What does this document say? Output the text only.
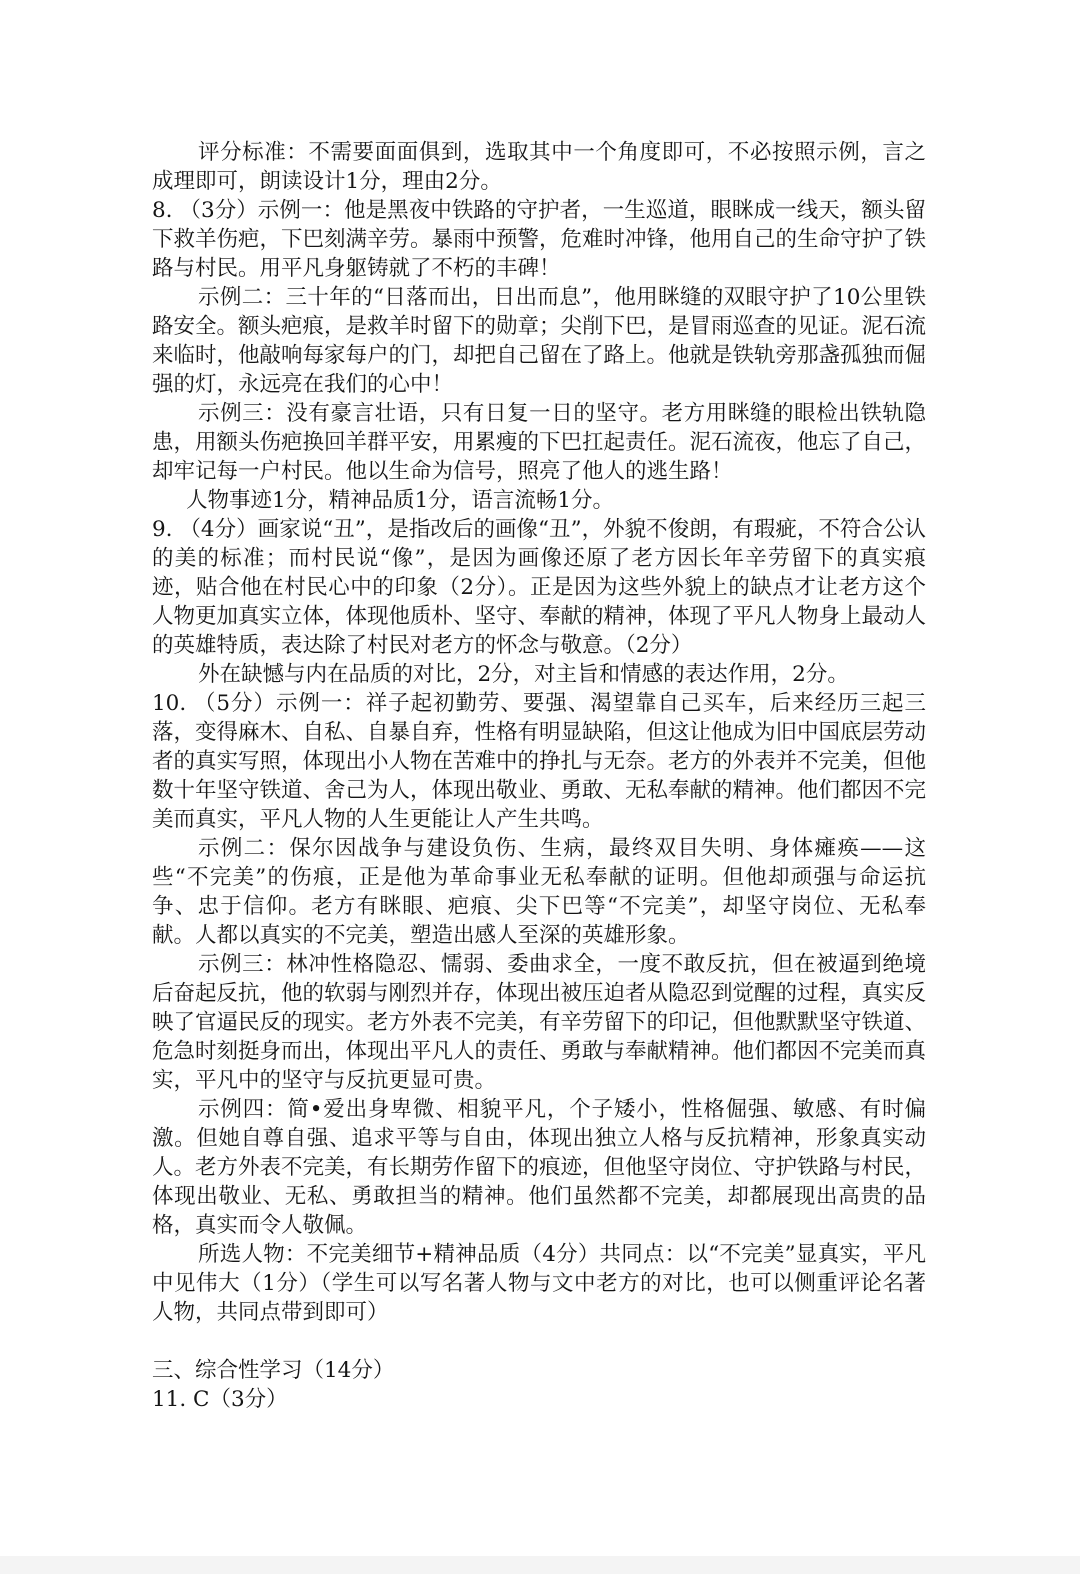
评分标准：不需要面面俱到，选取其中一个角度即可，不必按照示例，言之成理即可，朗读设计1分，理由2分。

8. （3分）示例一：他是黑夜中铁路的守护者，一生巡道，眼眯成一线天，额头留下救羊伤疤，下巴刻满辛劳。暴雨中预警，危难时冲锋，他用自己的生命守护了铁路与村民。用平凡身躯铸就了不朽的丰碑！

示例二：三十年的“日落而出，日出而息”，他用眯缝的双眼守护了10公里铁路安全。额头疤痕，是救羊时留下的勋章；尖削下巴，是冒雨巡查的见证。泥石流来临时，他敲响每家每户的门，却把自己留在了路上。他就是铁轨旁那盏孤独而倔强的灯，永远亮在我们的心中！

示例三：没有豪言壮语，只有日复一日的坚守。老方用眯缝的眼检出铁轨隐患，用额头伤疤换回羊群平安，用累瘦的下巴扛起责任。泥石流夜，他忘了自己，却牢记每一户村民。他以生命为信号，照亮了他人的逃生路！

人物事迹1分，精神品质1分，语言流畅1分。

9. （4分）画家说“丑”，是指改后的画像“丑”，外貌不俊朗，有瑕疵，不符合公认的美的标准；而村民说“像”，是因为画像还原了老方因长年辛劳留下的真实痕迹，贴合他在村民心中的印象（2分）。正是因为这些外貌上的缺点才让老方这个人物更加真实立体，体现他质朴、坚守、奉献的精神，体现了平凡人物身上最动人的英雄特质，表达除了村民对老方的怀念与敬意。（2分）

外在缺憾与内在品质的对比，2分，对主旨和情感的表达作用，2分。

10. （5分）示例一：祥子起初勤劳、要强、渴望靠自己买车，后来经历三起三落，变得麻木、自私、自暴自弃，性格有明显缺陷，但这让他成为旧中国底层劳动者的真实写照，体现出小人物在苦难中的挣扎与无奈。老方的外表并不完美，但他数十年坚守铁道、舍己为人，体现出敬业、勇敢、无私奉献的精神。他们都因不完美而真实，平凡人物的人生更能让人产生共鸣。

示例二：保尔因战争与建设负伤、生病，最终双目失明、身体瘫痪——这些“不完美”的伤痕，正是他为革命事业无私奉献的证明。但他却顽强与命运抗争、忠于信仰。老方有眯眼、疤痕、尖下巴等“不完美”，却坚守岗位、无私奉献。人都以真实的不完美，塑造出感人至深的英雄形象。

示例三：林冲性格隐忍、懦弱、委曲求全，一度不敢反抗，但在被逼到绝境后奋起反抗，他的软弱与刚烈并存，体现出被压迫者从隐忍到觉醒的过程，真实反映了官逼民反的现实。老方外表不完美，有辛劳留下的印记，但他默默坚守铁道、危急时刻挺身而出，体现出平凡人的责任、勇敢与奉献精神。他们都因不完美而真实，平凡中的坚守与反抗更显可贵。

示例四：简•爱出身卑微、相貌平凡，个子矮小，性格倔强、敏感、有时偏激。但她自尊自强、追求平等与自由，体现出独立人格与反抗精神，形象真实动人。老方外表不完美，有长期劳作留下的痕迹，但他坚守岗位、守护铁路与村民，体现出敬业、无私、勇敢担当的精神。他们虽然都不完美，却都展现出高贵的品格，真实而令人敬佩。

所选人物：不完美细节+精神品质（4分）共同点：以“不完美”显真实，平凡中见伟大（1分）（学生可以写名著人物与文中老方的对比，也可以侧重评论名著人物，共同点带到即可）

三、综合性学习（14分）

11. C（3分）
